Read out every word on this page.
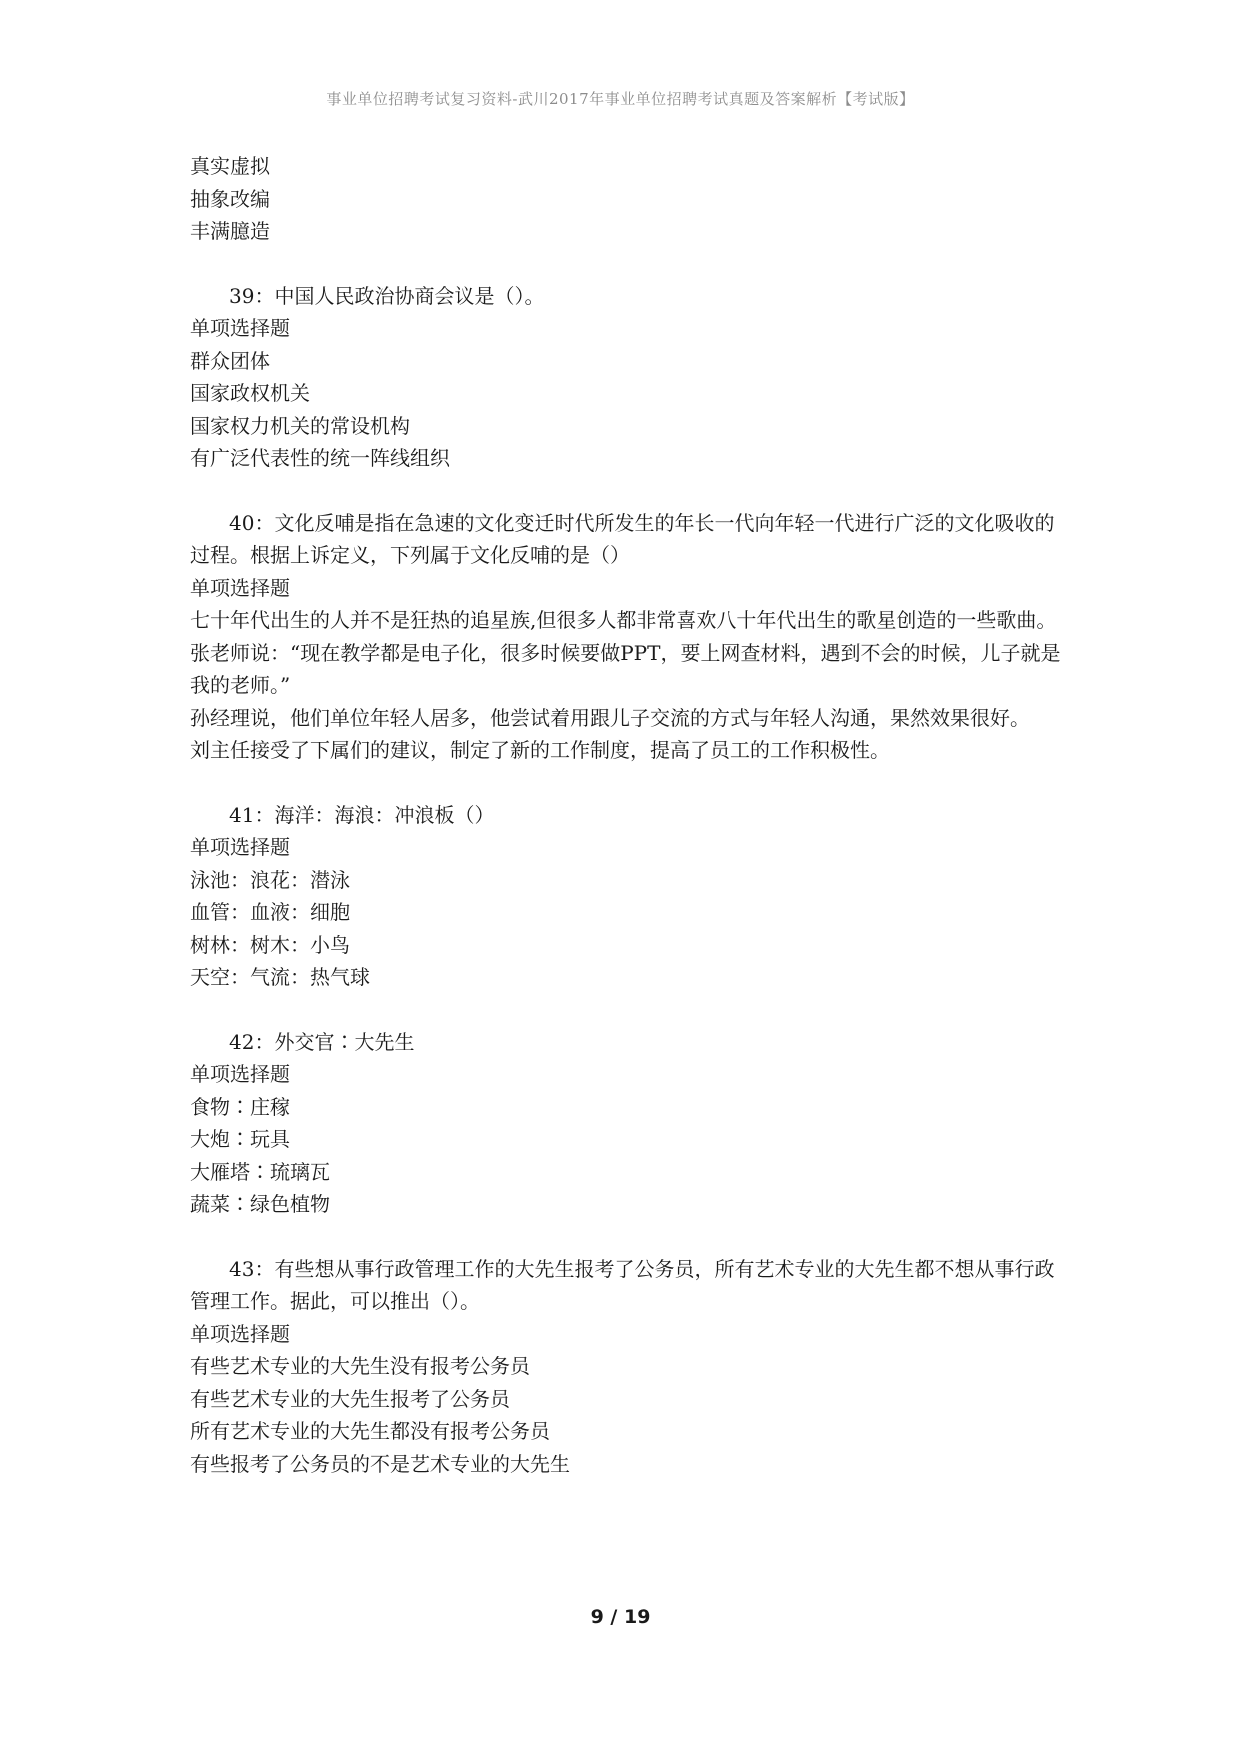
事业单位招聘考试复习资料-武川2017年事业单位招聘考试真题及答案解析【考试版】
真实虚拟
抽象改编
丰满臆造
39：中国人民政治协商会议是（）。
单项选择题
群众团体
国家政权机关
国家权力机关的常设机构
有广泛代表性的统一阵线组织
40：文化反哺是指在急速的文化变迁时代所发生的年长一代向年轻一代进行广泛的文化吸收的过程。根据上诉定义，下列属于文化反哺的是（）
单项选择题
七十年代出生的人并不是狂热的追星族,但很多人都非常喜欢八十年代出生的歌星创造的一些歌曲。
张老师说：“现在教学都是电子化，很多时候要做PPT，要上网查材料，遇到不会的时候，儿子就是我的老师。”
孙经理说，他们单位年轻人居多，他尝试着用跟儿子交流的方式与年轻人沟通，果然效果很好。
刘主任接受了下属们的建议，制定了新的工作制度，提高了员工的工作积极性。
41：海洋：海浪：冲浪板（）
单项选择题
泳池：浪花：潜泳
血管：血液：细胞
树林：树木：小鸟
天空：气流：热气球
42：外交官∶大先生
单项选择题
食物∶庄稼
大炮∶玩具
大雁塔∶琉璃瓦
蔬菜∶绿色植物
43：有些想从事行政管理工作的大先生报考了公务员，所有艺术专业的大先生都不想从事行政管理工作。据此，可以推出（）。
单项选择题
有些艺术专业的大先生没有报考公务员
有些艺术专业的大先生报考了公务员
所有艺术专业的大先生都没有报考公务员
有些报考了公务员的不是艺术专业的大先生
9 / 19
